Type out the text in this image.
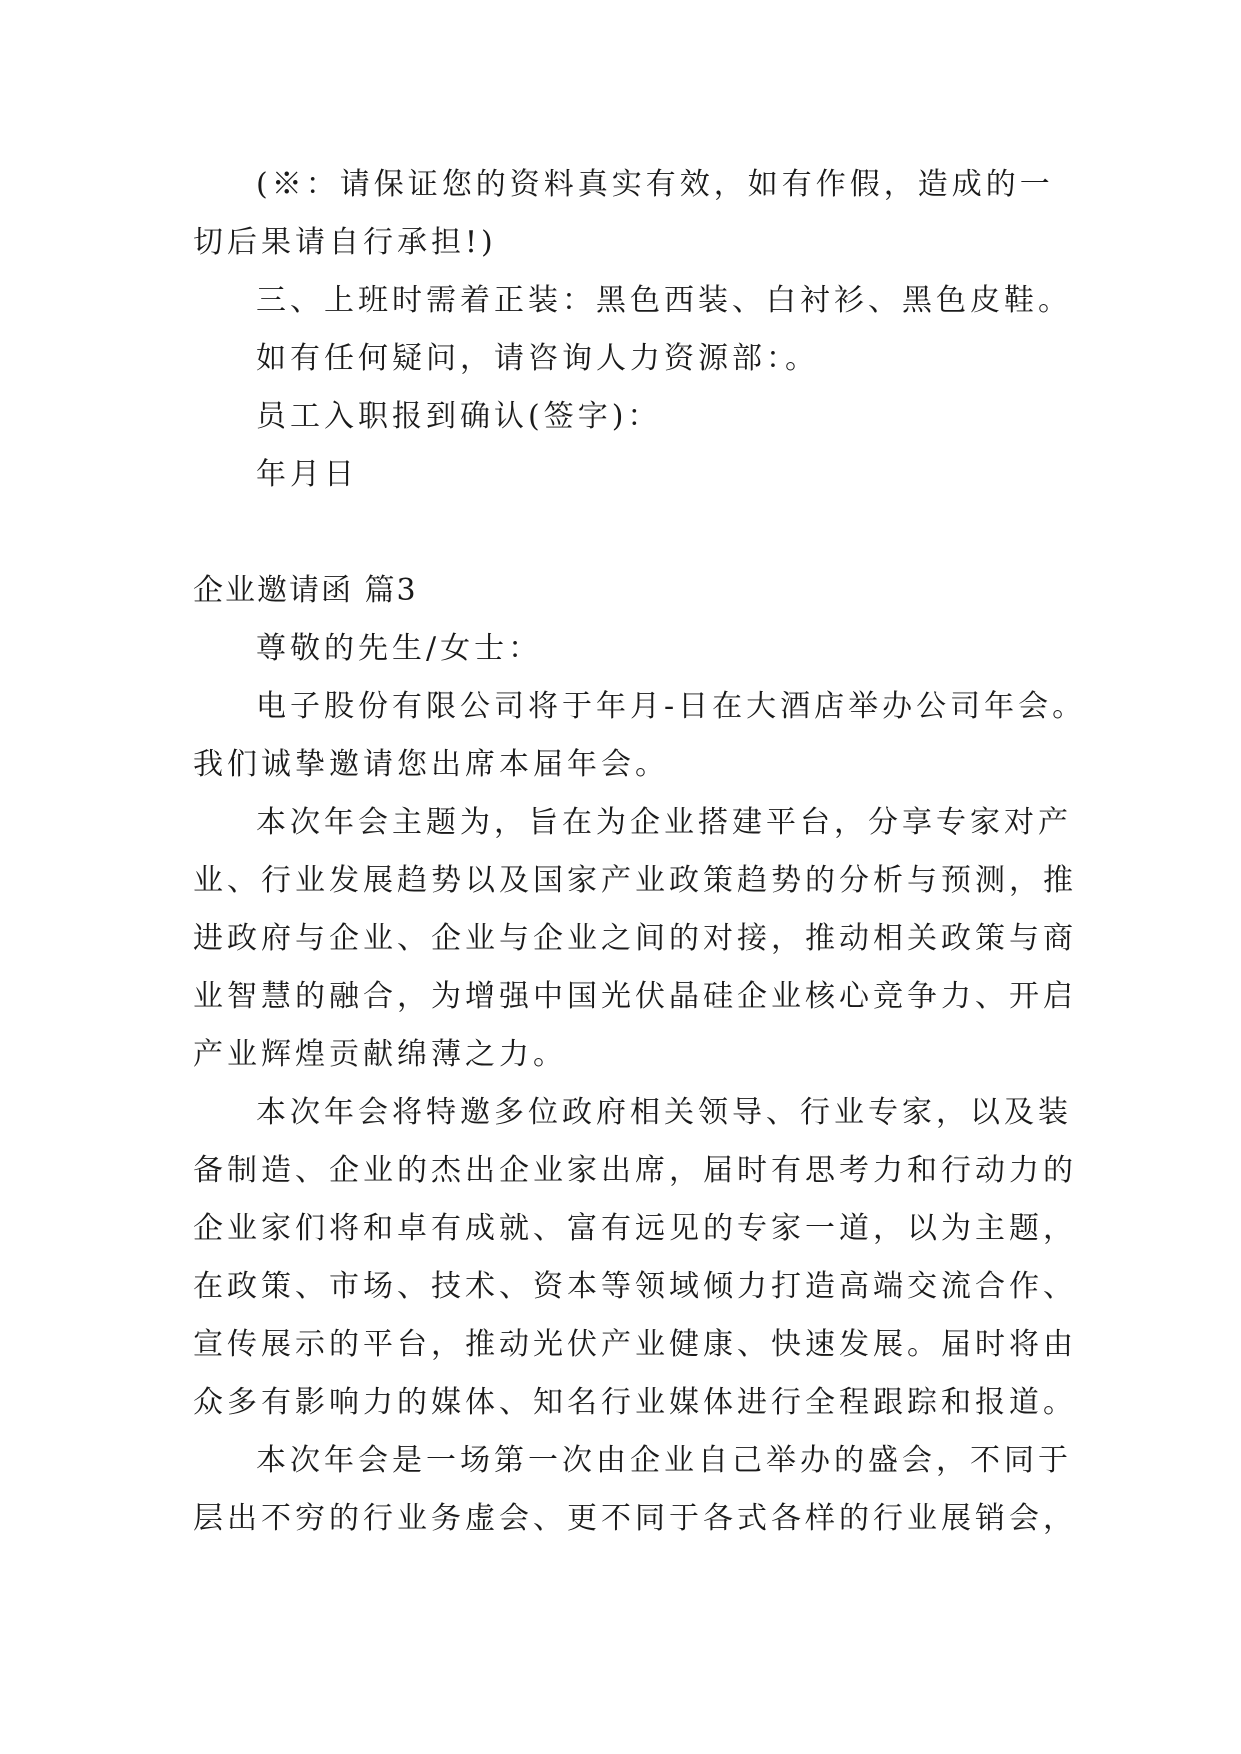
(※：请保证您的资料真实有效，如有作假，造成的一
切后果请自行承担!)
三、上班时需着正装：黑色西装、白衬衫、黑色皮鞋。
如有任何疑问，请咨询人力资源部：。
员工入职报到确认(签字)：
年月日
企业邀请函 篇3
尊敬的先生/女士：
电子股份有限公司将于年月-日在大酒店举办公司年会。
我们诚挚邀请您出席本届年会。
本次年会主题为，旨在为企业搭建平台，分享专家对产
业、行业发展趋势以及国家产业政策趋势的分析与预测，推
进政府与企业、企业与企业之间的对接，推动相关政策与商
业智慧的融合，为增强中国光伏晶硅企业核心竞争力、开启
产业辉煌贡献绵薄之力。
本次年会将特邀多位政府相关领导、行业专家，以及装
备制造、企业的杰出企业家出席，届时有思考力和行动力的
企业家们将和卓有成就、富有远见的专家一道，以为主题，
在政策、市场、技术、资本等领域倾力打造高端交流合作、
宣传展示的平台，推动光伏产业健康、快速发展。届时将由
众多有影响力的媒体、知名行业媒体进行全程跟踪和报道。
本次年会是一场第一次由企业自己举办的盛会，不同于
层出不穷的行业务虚会、更不同于各式各样的行业展销会，
